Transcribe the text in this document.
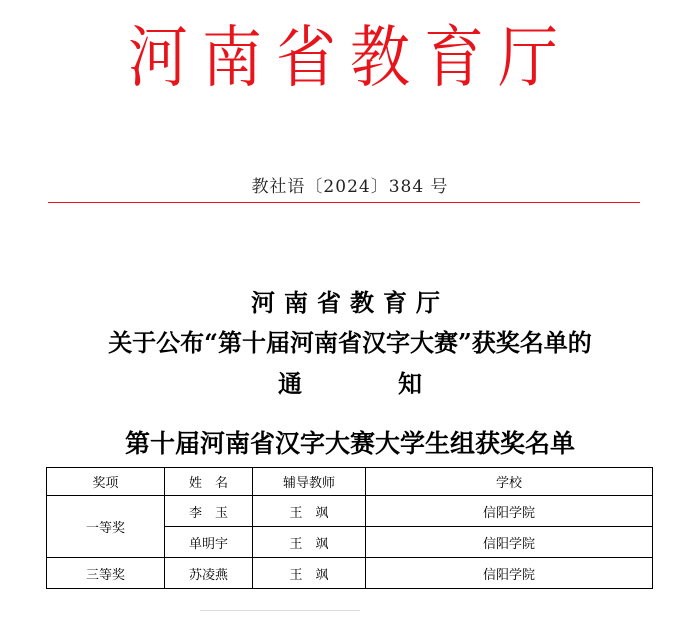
河南省教育厅
教社语〔2024〕384 号
河南省教育厅
关于公布“第十届河南省汉字大赛”获奖名单的
通	知
第十届河南省汉字大赛大学生组获奖名单
奖项	姓　名	辅导教师	学校
一等奖	李　玉	王　飒	信阳学院
	单明宇	王　飒	信阳学院
三等奖	苏凌燕	王　飒	信阳学院
